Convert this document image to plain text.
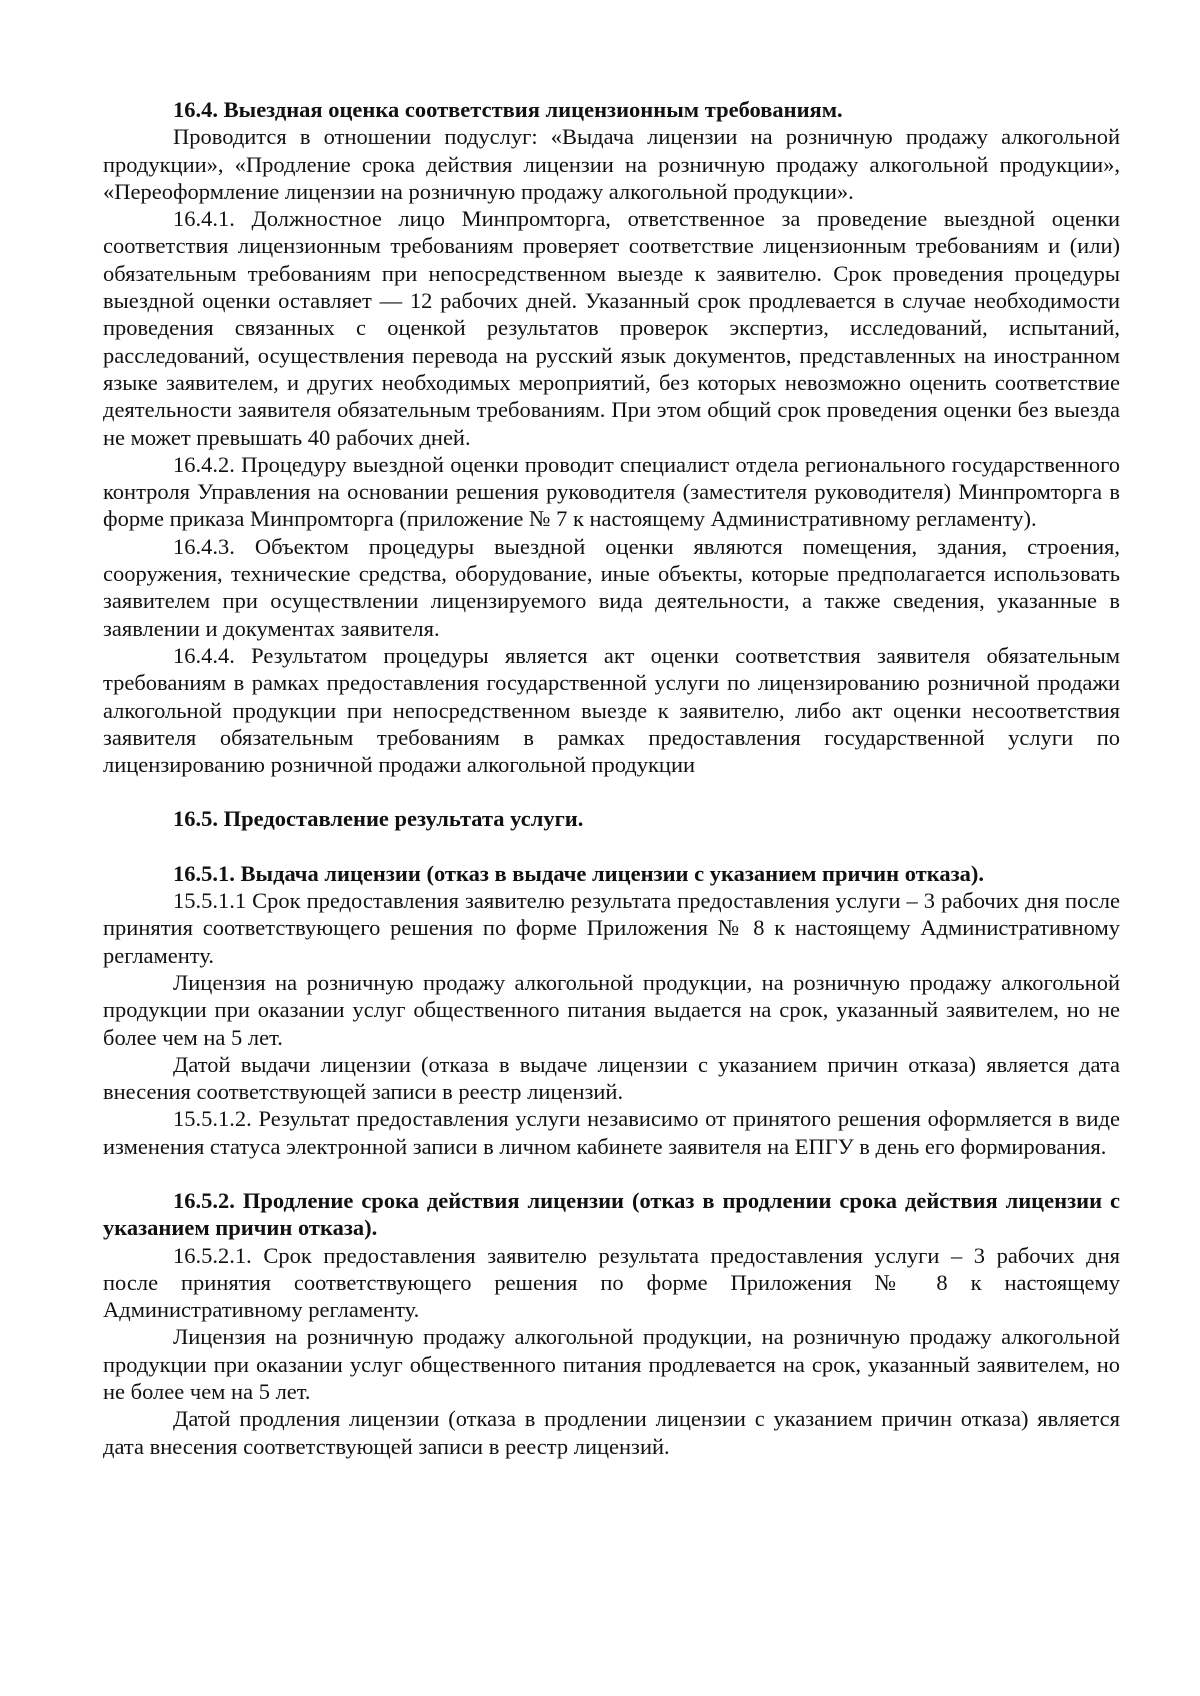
16.4. Выездная оценка соответствия лицензионным требованиям.

Проводится в отношении подуслуг: «Выдача лицензии на розничную продажу алкогольной продукции», «Продление срока действия лицензии на розничную продажу алкогольной продукции», «Переоформление лицензии на розничную продажу алкогольной продукции».

16.4.1. Должностное лицо Минпромторга, ответственное за проведение выездной оценки соответствия лицензионным требованиям проверяет соответствие лицензионным требованиям и (или) обязательным требованиям при непосредственном выезде к заявителю. Срок проведения процедуры выездной оценки оставляет — 12 рабочих дней. Указанный срок продлевается в случае необходимости проведения связанных с оценкой результатов проверок экспертиз, исследований, испытаний, расследований, осуществления перевода на русский язык документов, представленных на иностранном языке заявителем, и других необходимых мероприятий, без которых невозможно оценить соответствие деятельности заявителя обязательным требованиям. При этом общий срок проведения оценки без выезда не может превышать 40 рабочих дней.

16.4.2. Процедуру выездной оценки проводит специалист отдела регионального государственного контроля Управления на основании решения руководителя (заместителя руководителя) Минпромторга в форме приказа Минпромторга (приложение № 7 к настоящему Административному регламенту).

16.4.3. Объектом процедуры выездной оценки являются помещения, здания, строения, сооружения, технические средства, оборудование, иные объекты, которые предполагается использовать заявителем при осуществлении лицензируемого вида деятельности, а также сведения, указанные в заявлении и документах заявителя.

16.4.4. Результатом процедуры является акт оценки соответствия заявителя обязательным требованиям в рамках предоставления государственной услуги по лицензированию розничной продажи алкогольной продукции при непосредственном выезде к заявителю, либо акт оценки несоответствия заявителя обязательным требованиям в рамках предоставления государственной услуги по лицензированию розничной продажи алкогольной продукции

16.5. Предоставление результата услуги.

16.5.1. Выдача лицензии (отказ в выдаче лицензии с указанием причин отказа).

15.5.1.1 Срок предоставления заявителю результата предоставления услуги – 3 рабочих дня после принятия соответствующего решения по форме Приложения № 8 к настоящему Административному регламенту.

Лицензия на розничную продажу алкогольной продукции, на розничную продажу алкогольной продукции при оказании услуг общественного питания выдается на срок, указанный заявителем, но не более чем на 5 лет.

Датой выдачи лицензии (отказа в выдаче лицензии с указанием причин отказа) является дата внесения соответствующей записи в реестр лицензий.

15.5.1.2. Результат предоставления услуги независимо от принятого решения оформляется в виде изменения статуса электронной записи в личном кабинете заявителя на ЕПГУ в день его формирования.

16.5.2. Продление срока действия лицензии (отказ в продлении срока действия лицензии с указанием причин отказа).

16.5.2.1. Срок предоставления заявителю результата предоставления услуги – 3 рабочих дня после принятия соответствующего решения по форме Приложения № 8 к настоящему Административному регламенту.

Лицензия на розничную продажу алкогольной продукции, на розничную продажу алкогольной продукции при оказании услуг общественного питания продлевается на срок, указанный заявителем, но не более чем на 5 лет.

Датой продления лицензии (отказа в продлении лицензии с указанием причин отказа) является дата внесения соответствующей записи в реестр лицензий.
